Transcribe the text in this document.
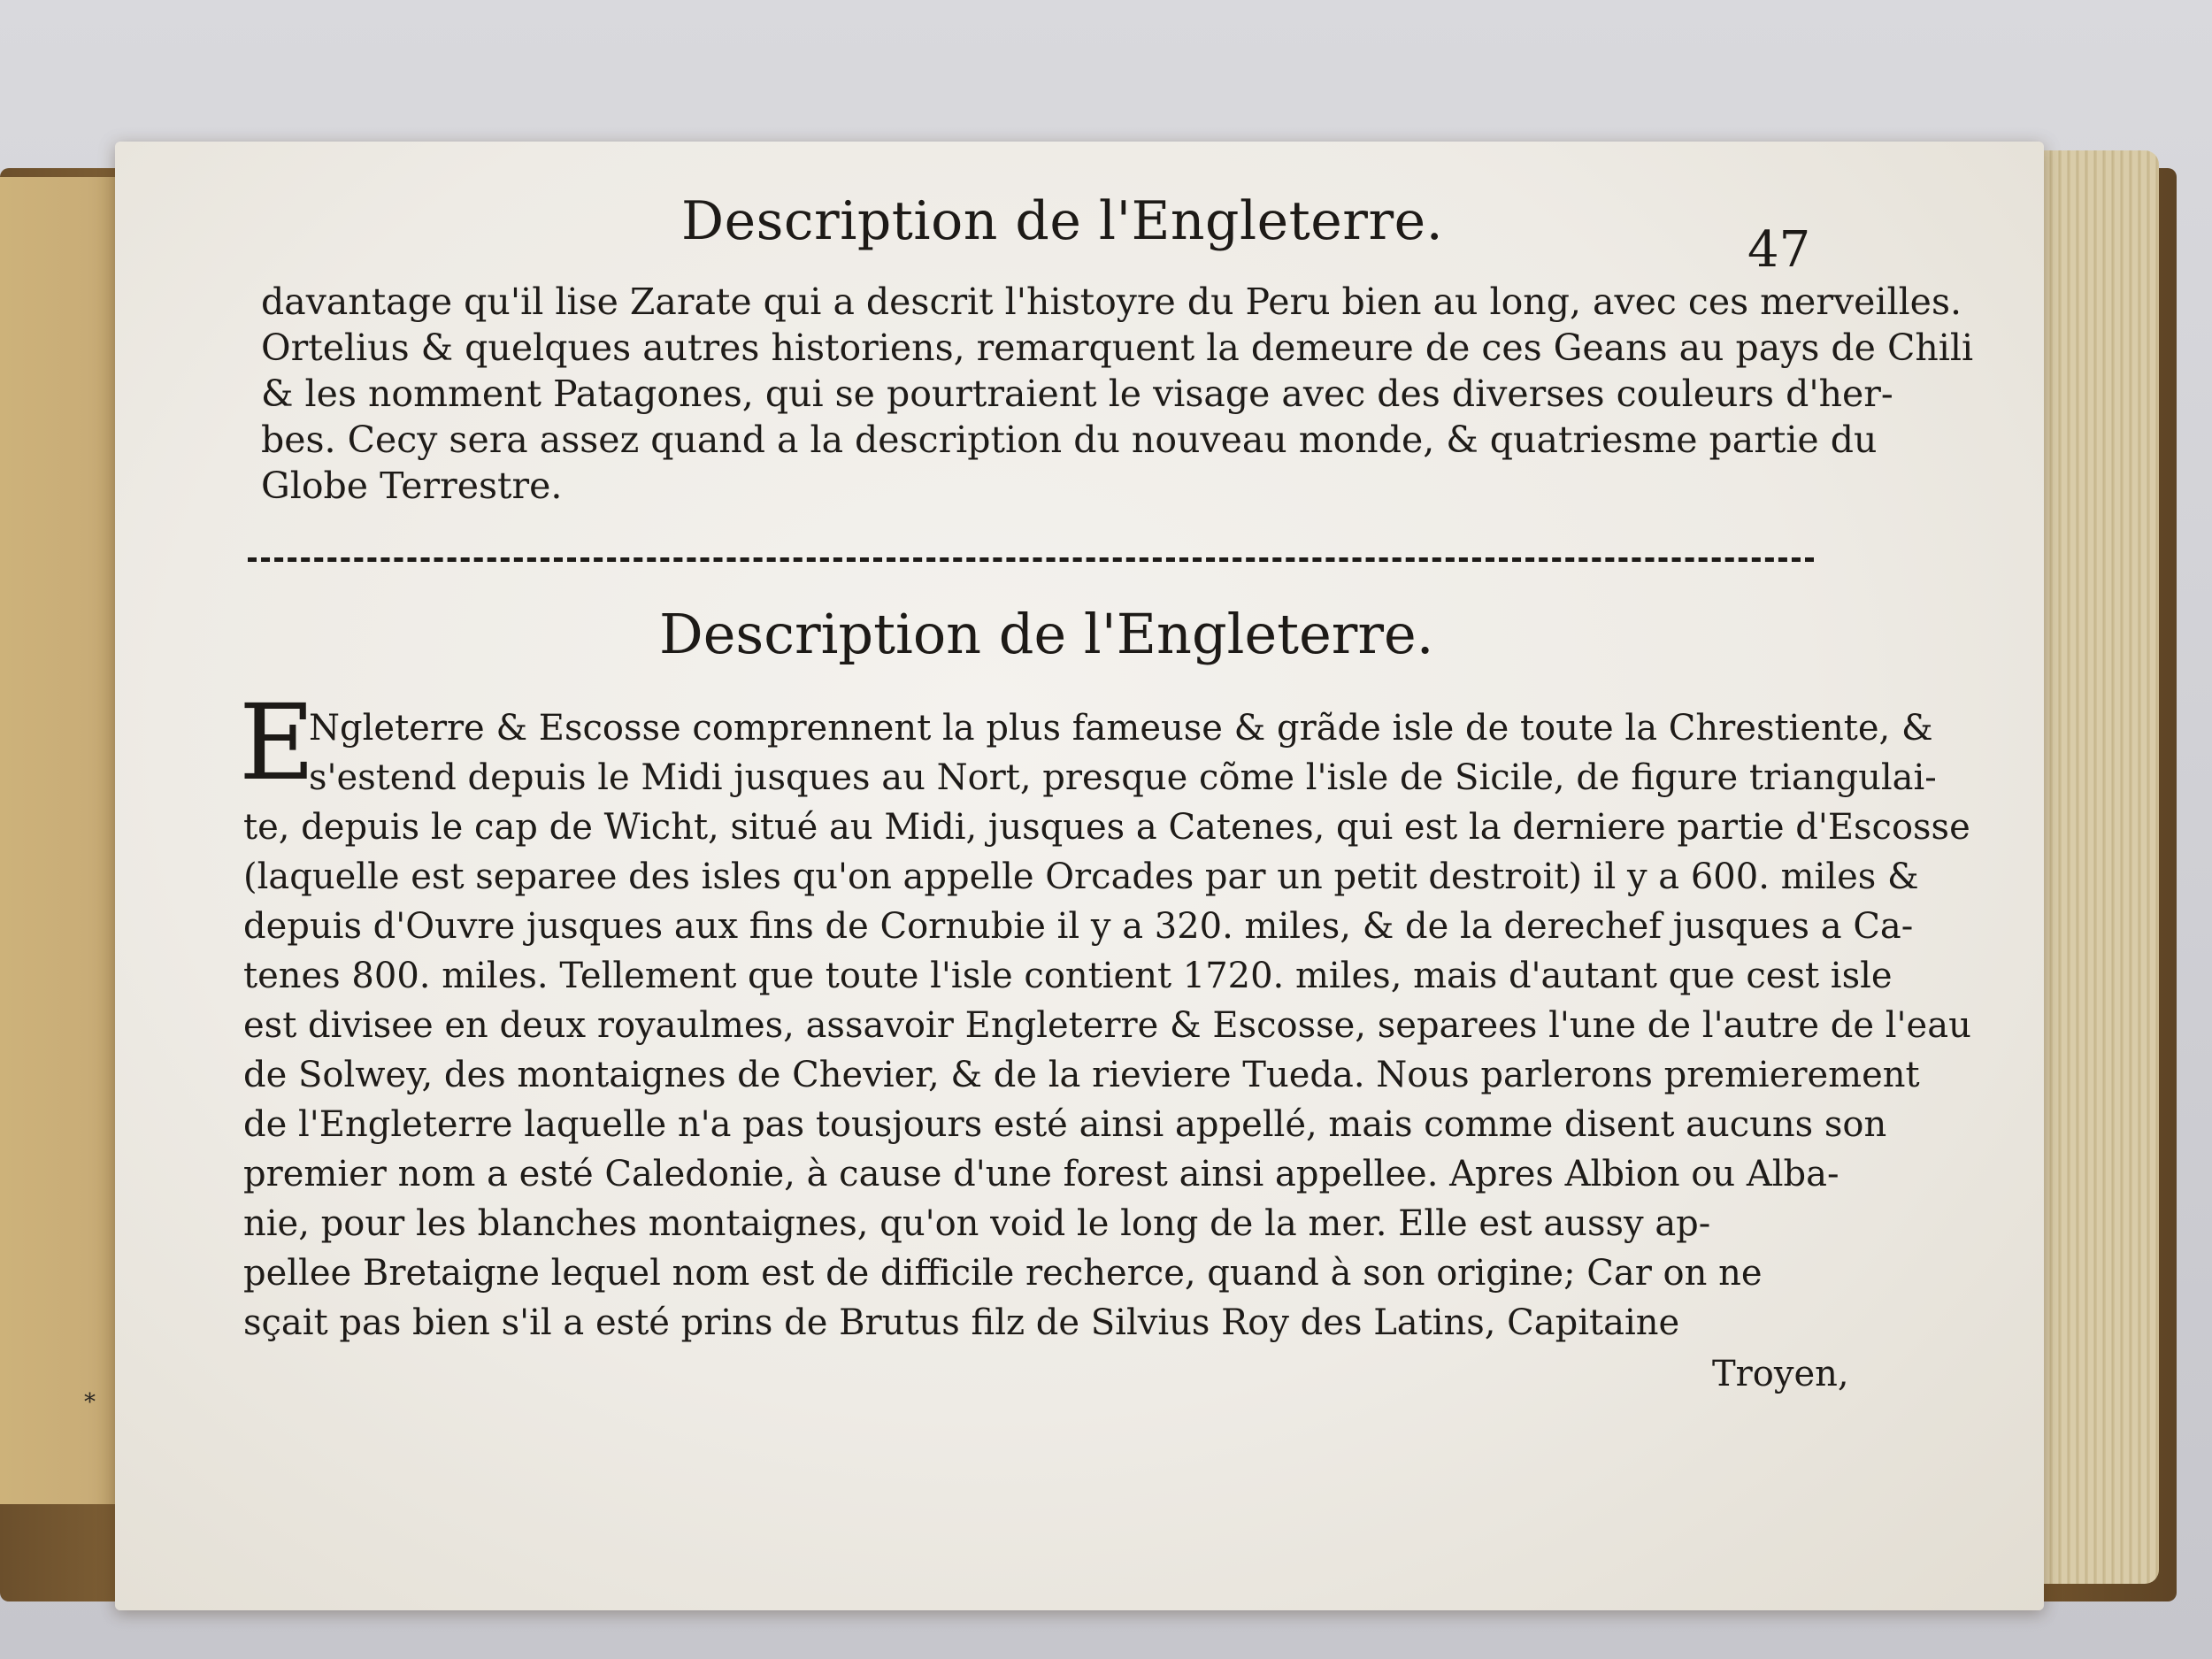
Description de l'Engleterre.	47
davantage qu'il lise Zarate qui a descrit l'histoyre du Peru bien au long, avec ces merveilles.
Ortelius & quelques autres historiens, remarquent la demeure de ces Geans au pays de Chili
& les nomment Patagones, qui se pourtraient le visage avec des diverses couleurs d'her-
bes. Cecy sera assez quand a la description du nouveau monde, & quatriesme partie du
Globe Terrestre.
Description de l'Engleterre.
E
Ngleterre & Escosse comprennent la plus fameuse & grãde isle de toute la Chrestiente, &
s'estend depuis le Midi jusques au Nort, presque cõme l'isle de Sicile, de figure triangulai-
te, depuis le cap de Wicht, situé au Midi, jusques a Catenes, qui est la derniere partie d'Escosse
(laquelle est separee des isles qu'on appelle Orcades par un petit destroit) il y a 600. miles &
depuis d'Ouvre jusques aux fins de Cornubie il y a 320. miles, & de la derechef jusques a Ca-
tenes 800. miles. Tellement que toute l'isle contient 1720. miles, mais d'autant que cest isle
est divisee en deux royaulmes, assavoir Engleterre & Escosse, separees l'une de l'autre de l'eau
de Solwey, des montaignes de Chevier, & de la rieviere Tueda. Nous parlerons premierement
de l'Engleterre laquelle n'a pas tousjours esté ainsi appellé, mais comme disent aucuns son
premier nom a esté Caledonie, à cause d'une forest ainsi appellee. Apres Albion ou Alba-
nie, pour les blanches montaignes, qu'on void le long de la mer. Elle est aussy ap-
pellee Bretaigne lequel nom est de difficile recherce, quand à son origine; Car on ne
sçait pas bien s'il a esté prins de Brutus filz de Silvius Roy des Latins, Capitaine
Troyen,
*
